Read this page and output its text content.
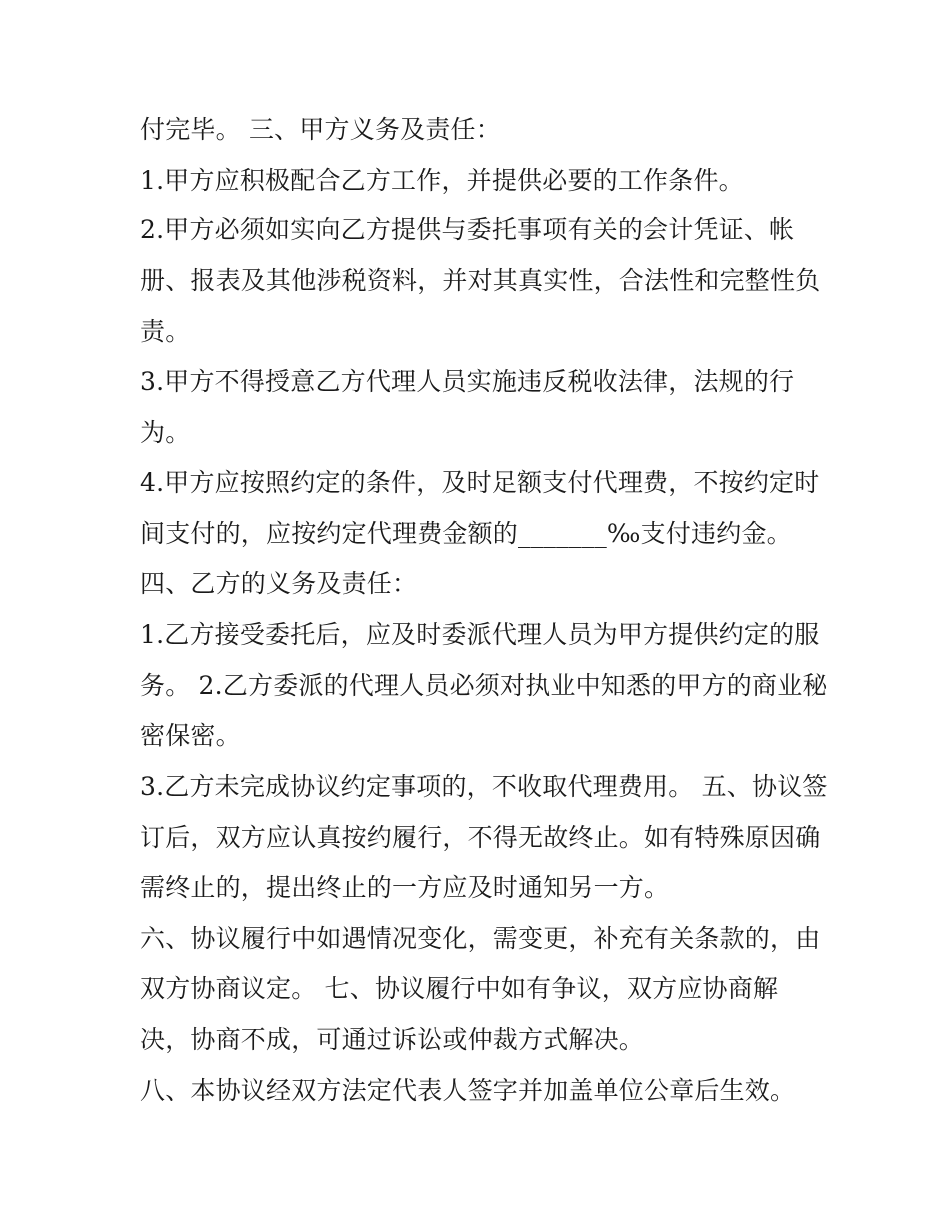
付完毕。 三、甲方义务及责任：
1.甲方应积极配合乙方工作，并提供必要的工作条件。
2.甲方必须如实向乙方提供与委托事项有关的会计凭证、帐
册、报表及其他涉税资料，并对其真实性，合法性和完整性负
责。
3.甲方不得授意乙方代理人员实施违反税收法律，法规的行
为。
4.甲方应按照约定的条件，及时足额支付代理费，不按约定时
间支付的，应按约定代理费金额的_______‰支付违约金。
四、乙方的义务及责任：
1.乙方接受委托后，应及时委派代理人员为甲方提供约定的服
务。 2.乙方委派的代理人员必须对执业中知悉的甲方的商业秘
密保密。
3.乙方未完成协议约定事项的，不收取代理费用。 五、协议签
订后，双方应认真按约履行，不得无故终止。如有特殊原因确
需终止的，提出终止的一方应及时通知另一方。
六、协议履行中如遇情况变化，需变更，补充有关条款的，由
双方协商议定。 七、协议履行中如有争议，双方应协商解
决，协商不成，可通过诉讼或仲裁方式解决。
八、本协议经双方法定代表人签字并加盖单位公章后生效。
